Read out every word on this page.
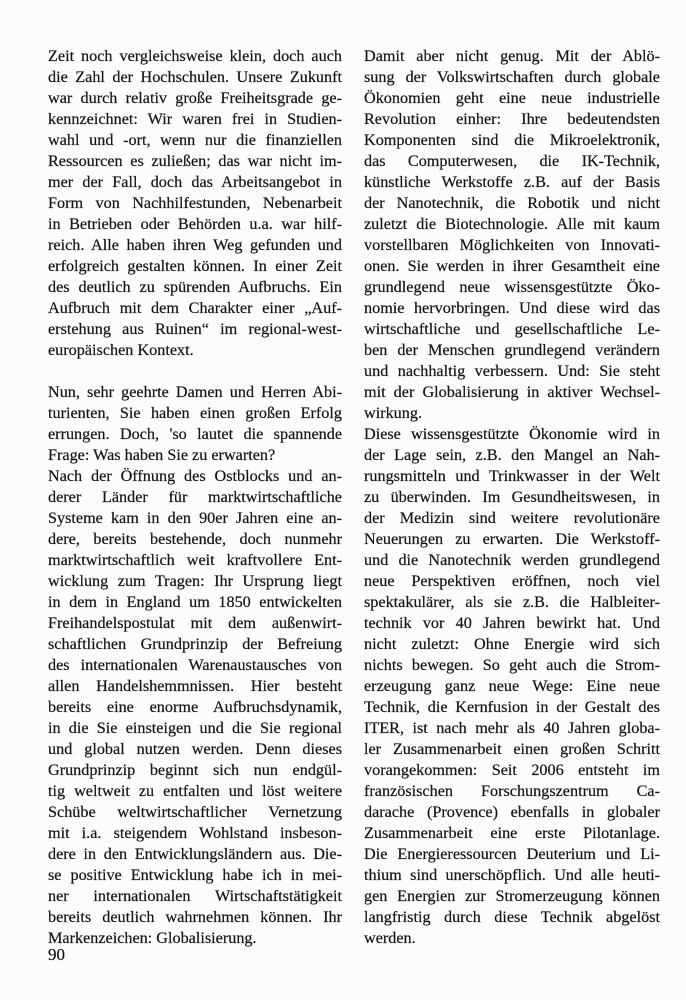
Zeit noch vergleichsweise klein, doch auch
die Zahl der Hochschulen. Unsere Zukunft
war durch relativ große Freiheitsgrade ge-
kennzeichnet: Wir waren frei in Studien-
wahl und -ort, wenn nur die finanziellen
Ressourcen es zuließen; das war nicht im-
mer der Fall, doch das Arbeitsangebot in
Form von Nachhilfestunden, Nebenarbeit
in Betrieben oder Behörden u.a. war hilf-
reich. Alle haben ihren Weg gefunden und
erfolgreich gestalten können. In einer Zeit
des deutlich zu spürenden Aufbruchs. Ein
Aufbruch mit dem Charakter einer „Auf-
erstehung aus Ruinen“ im regional-west-
europäischen Kontext.
Nun, sehr geehrte Damen und Herren Abi-
turienten, Sie haben einen großen Erfolg
errungen. Doch, 'so lautet die spannende
Frage: Was haben Sie zu erwarten?
Nach der Öffnung des Ostblocks und an-
derer Länder für marktwirtschaftliche
Systeme kam in den 90er Jahren eine an-
dere, bereits bestehende, doch nunmehr
marktwirtschaftlich weit kraftvollere Ent-
wicklung zum Tragen: Ihr Ursprung liegt
in dem in England um 1850 entwickelten
Freihandelspostulat mit dem außenwirt-
schaftlichen Grundprinzip der Befreiung
des internationalen Warenaustausches von
allen Handelshemmnissen. Hier besteht
bereits eine enorme Aufbruchsdynamik,
in die Sie einsteigen und die Sie regional
und global nutzen werden. Denn dieses
Grundprinzip beginnt sich nun endgül-
tig weltweit zu entfalten und löst weitere
Schübe weltwirtschaftlicher Vernetzung
mit i.a. steigendem Wohlstand insbeson-
dere in den Entwicklungsländern aus. Die-
se positive Entwicklung habe ich in mei-
ner internationalen Wirtschaftstätigkeit
bereits deutlich wahrnehmen können. Ihr
Markenzeichen: Globalisierung.
Damit aber nicht genug. Mit der Ablö-
sung der Volkswirtschaften durch globale
Ökonomien geht eine neue industrielle
Revolution einher: Ihre bedeutendsten
Komponenten sind die Mikroelektronik,
das Computerwesen, die IK-Technik,
künstliche Werkstoffe z.B. auf der Basis
der Nanotechnik, die Robotik und nicht
zuletzt die Biotechnologie. Alle mit kaum
vorstellbaren Möglichkeiten von Innovati-
onen. Sie werden in ihrer Gesamtheit eine
grundlegend neue wissensgestützte Öko-
nomie hervorbringen. Und diese wird das
wirtschaftliche und gesellschaftliche Le-
ben der Menschen grundlegend verändern
und nachhaltig verbessern. Und: Sie steht
mit der Globalisierung in aktiver Wechsel-
wirkung.
Diese wissensgestützte Ökonomie wird in
der Lage sein, z.B. den Mangel an Nah-
rungsmitteln und Trinkwasser in der Welt
zu überwinden. Im Gesundheitswesen, in
der Medizin sind weitere revolutionäre
Neuerungen zu erwarten. Die Werkstoff-
und die Nanotechnik werden grundlegend
neue Perspektiven eröffnen, noch viel
spektakulärer, als sie z.B. die Halbleiter-
technik vor 40 Jahren bewirkt hat. Und
nicht zuletzt: Ohne Energie wird sich
nichts bewegen. So geht auch die Strom-
erzeugung ganz neue Wege: Eine neue
Technik, die Kernfusion in der Gestalt des
ITER, ist nach mehr als 40 Jahren globa-
ler Zusammenarbeit einen großen Schritt
vorangekommen: Seit 2006 entsteht im
französischen Forschungszentrum Ca-
darache (Provence) ebenfalls in globaler
Zusammenarbeit eine erste Pilotanlage.
Die Energieressourcen Deuterium und Li-
thium sind unerschöpflich. Und alle heuti-
gen Energien zur Stromerzeugung können
langfristig durch diese Technik abgelöst
werden.
90
